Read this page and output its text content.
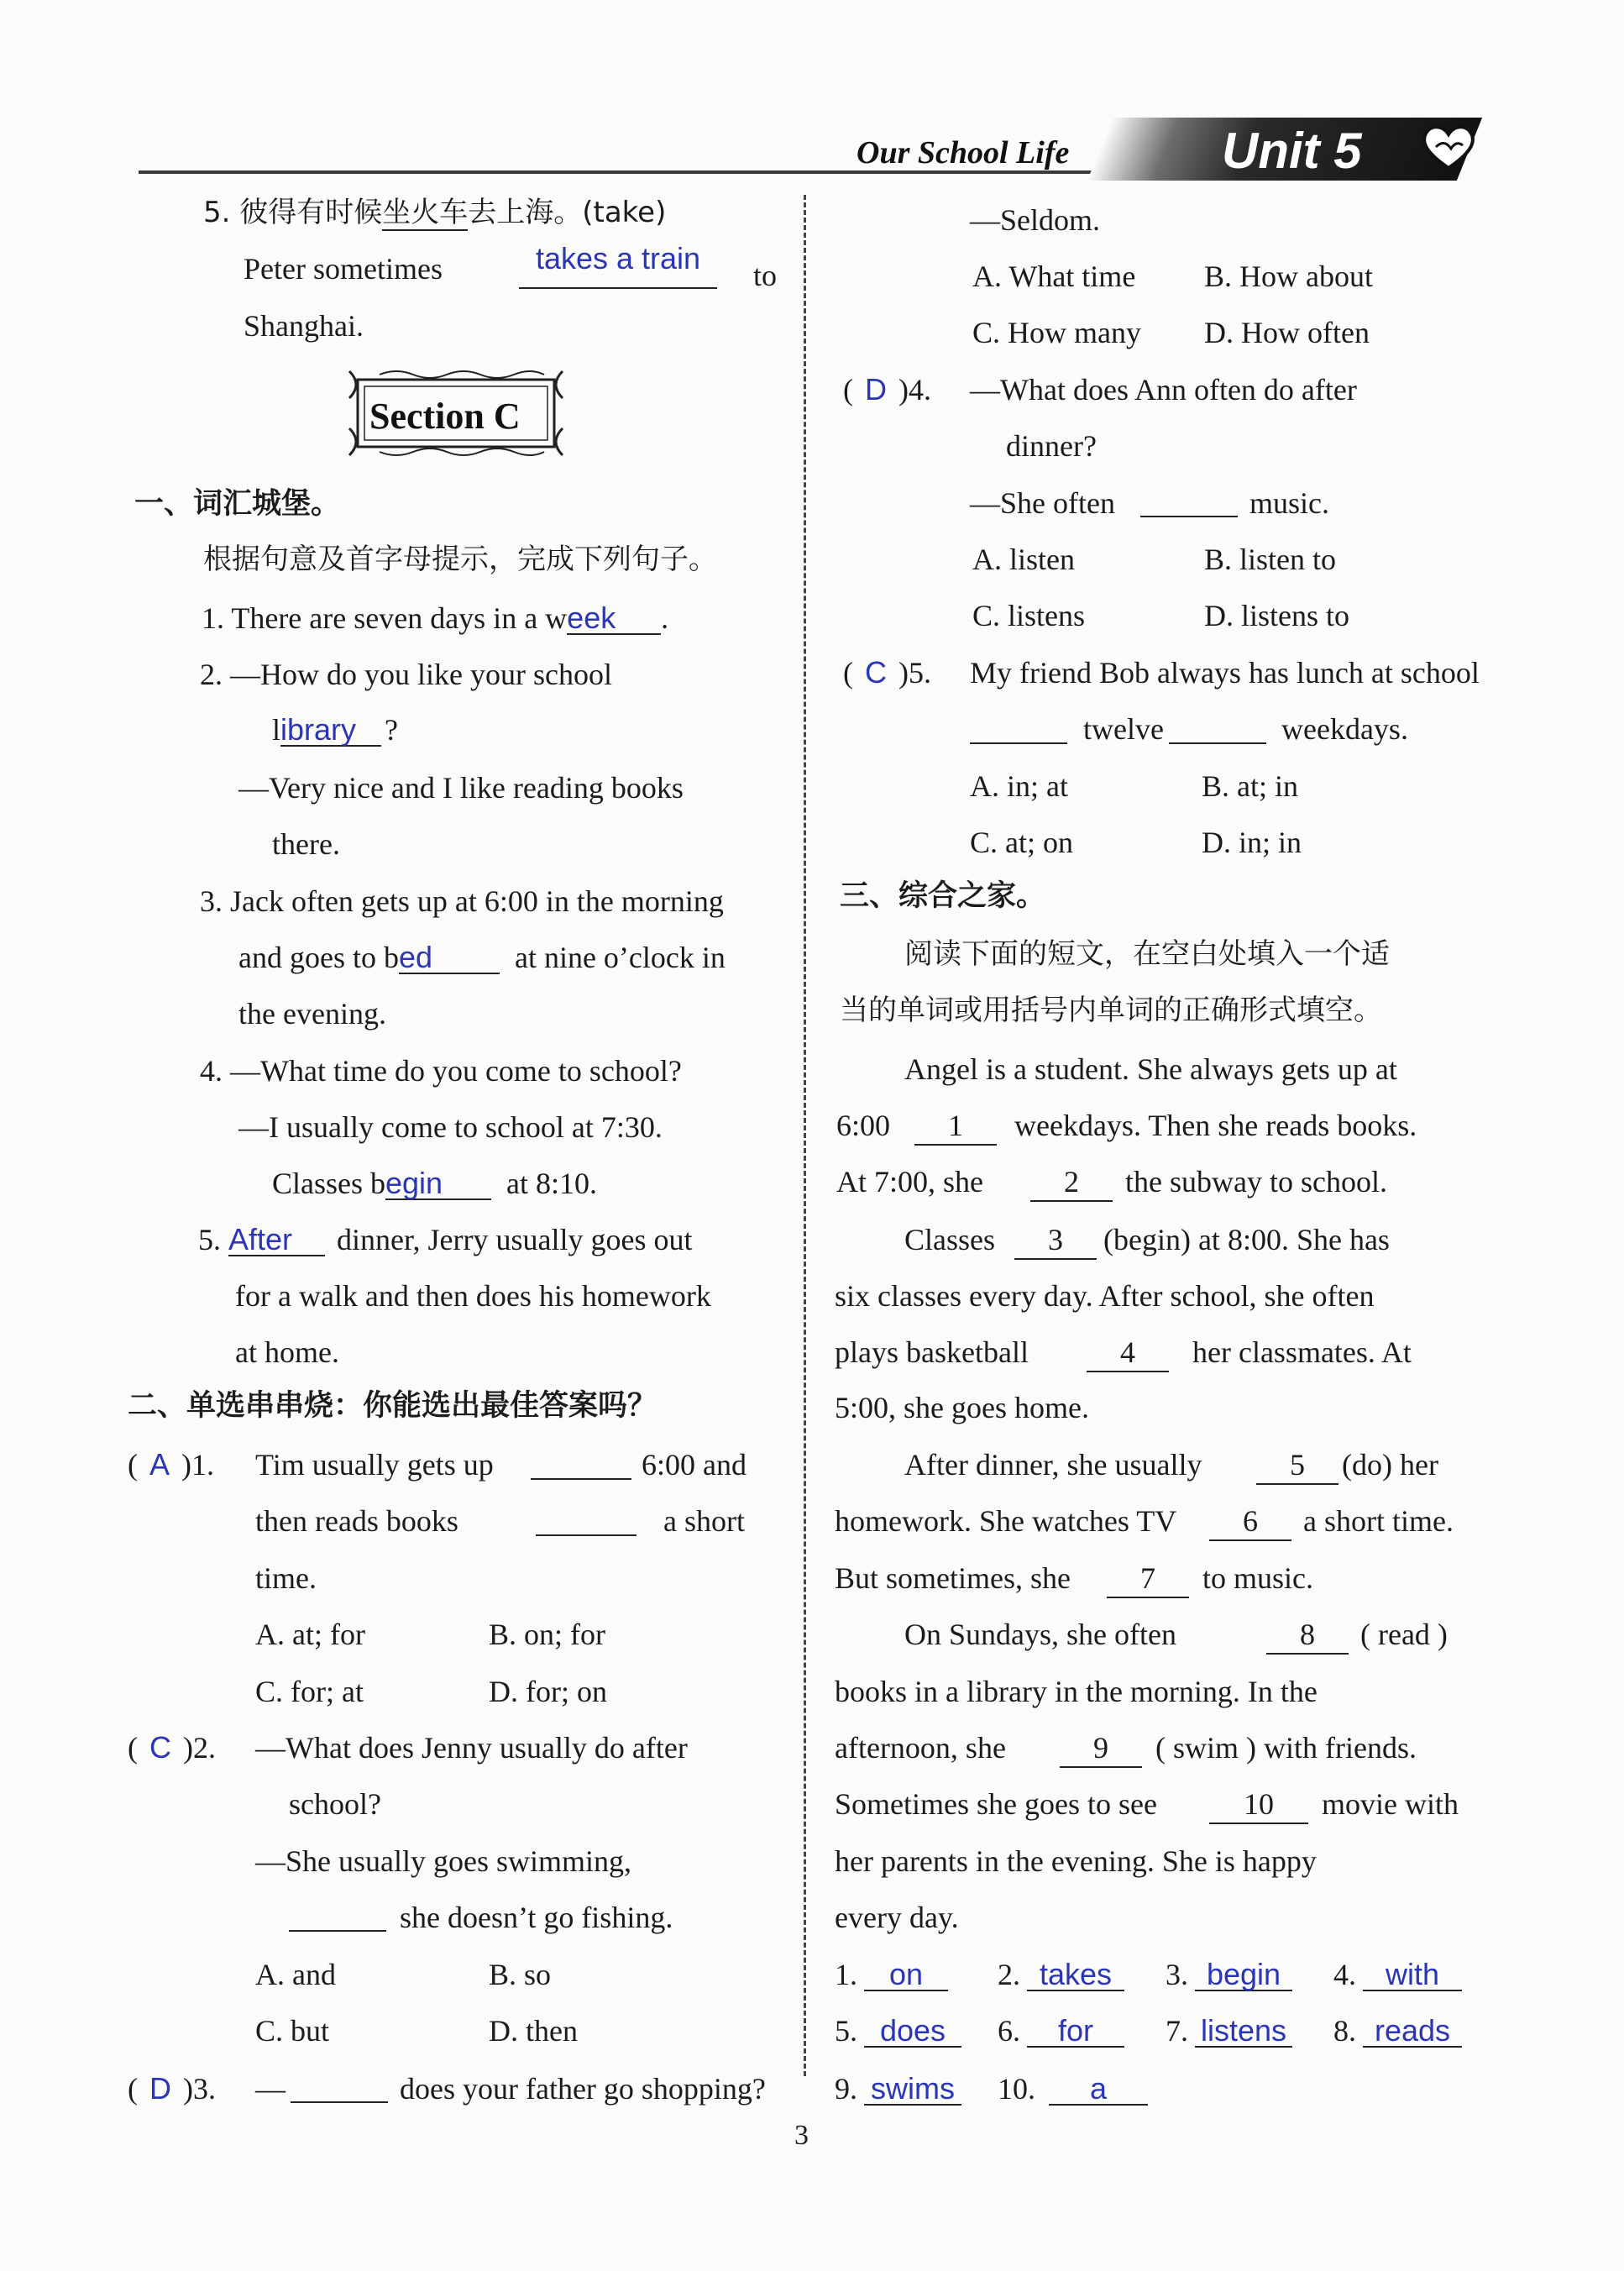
Our School Life	Unit 5
5. 彼得有时候坐火车去上海。(take)
Peter sometimes	takes a train	to
Shanghai.
Section C
一、词汇城堡。
根据句意及首字母提示，完成下列句子。
1. There are seven days in a week .
2. —How do you like your school
library ?
—Very nice and I like reading books
there.
3. Jack often gets up at 6:00 in the morning
and goes to bed	at nine o’clock in
the evening.
4. —What time do you come to school?
—I usually come to school at 7:30.
Classes begin at 8:10.
5. After dinner, Jerry usually goes out
for a walk and then does his homework
at home.
二、单选串串烧：你能选出最佳答案吗？
( A )1. Tim usually gets up	6:00 and
then reads books	a short
time.
A. at; for	B. on; for
C. for; at	D. for; on
( C )2. —What does Jenny usually do after
school?
—She usually goes swimming,
she doesn’t go fishing.
A. and	B. so
C. but	D. then
( D )3. —	does your father go shopping?
—Seldom.
A. What time B. How about
C. How many D. How often
( D )4. —What does Ann often do after
dinner?
—She often	music.
A. listen	B. listen to
C. listens	D. listens to
( C )5. My friend Bob always has lunch at school
twelve	weekdays.
A. in; at	B. at; in
C. at; on	D. in; in
三、综合之家。
阅读下面的短文，在空白处填入一个适
当的单词或用括号内单词的正确形式填空。
Angel is a student. She always gets up at
6:00	1	weekdays. Then she reads books.
At 7:00, she	2	the subway to school.
Classes	3	(begin) at 8:00. She has
six classes every day. After school, she often
plays basketball	4	her classmates. At
5:00, she goes home.
After dinner, she usually	5	(do) her
homework. She watches TV	6	a short time.
But sometimes, she	7	to music.
On Sundays, she often	8	( read )
books in a library in the morning. In the
afternoon, she	9	( swim ) with friends.
Sometimes she goes to see	10	movie with
her parents in the evening. She is happy
every day.
1. on	2. takes	3. begin	4. with
5. does	6. for	7. listens 8. reads
9. swims 10. a
3
